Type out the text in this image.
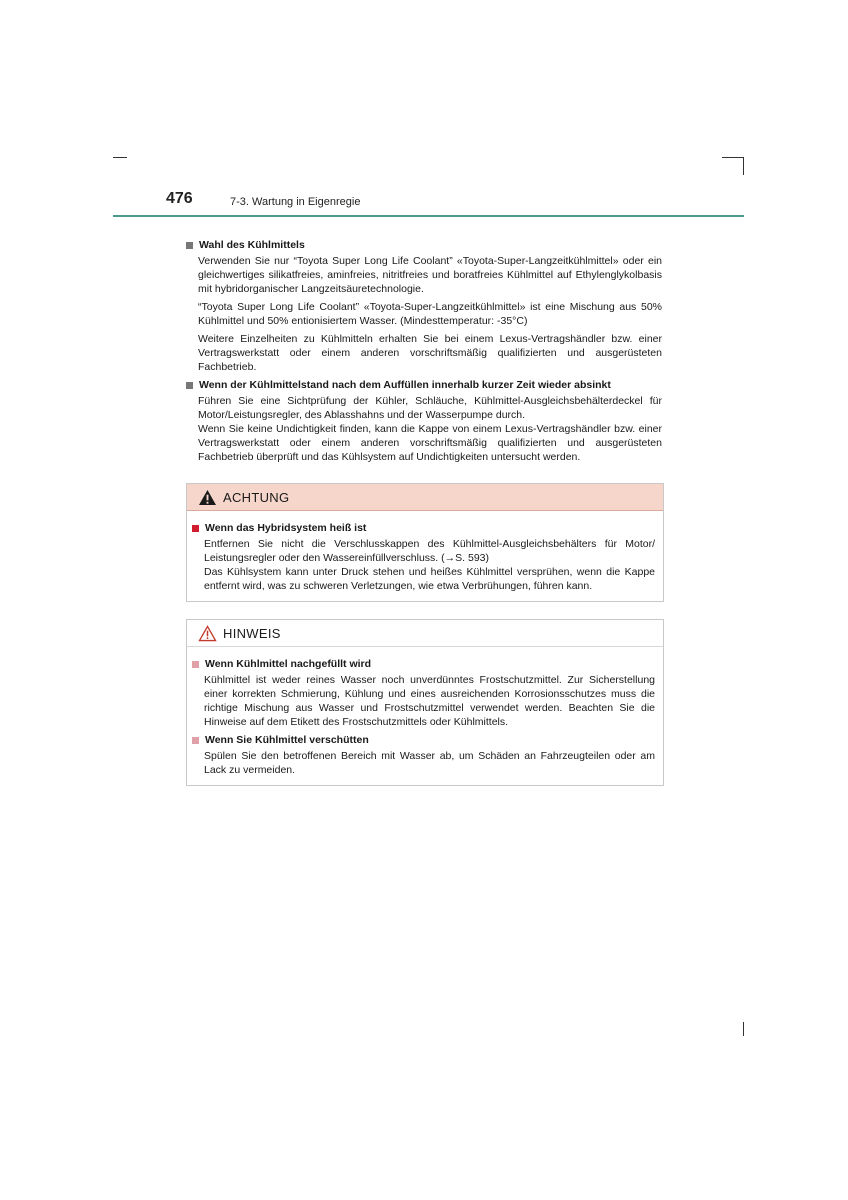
476	7-3. Wartung in Eigenregie
Wahl des Kühlmittels

Verwenden Sie nur “Toyota Super Long Life Coolant” «Toyota-Super-Langzeitkühlmittel» oder ein gleichwertiges silikatfreies, aminfreies, nitritfreies und boratfreies Kühlmittel auf Ethylenglykolbasis mit hybridorganischer Langzeitsäuretechnologie.

“Toyota Super Long Life Coolant” «Toyota-Super-Langzeitkühlmittel» ist eine Mischung aus 50% Kühlmittel und 50% entionisiertem Wasser. (Mindesttemperatur: -35°C)

Weitere Einzelheiten zu Kühlmitteln erhalten Sie bei einem Lexus-Vertragshändler bzw. einer Vertragswerkstatt oder einem anderen vorschriftsmäßig qualifizierten und ausgerüsteten Fachbetrieb.

Wenn der Kühlmittelstand nach dem Auffüllen innerhalb kurzer Zeit wieder absinkt

Führen Sie eine Sichtprüfung der Kühler, Schläuche, Kühlmittel-Ausgleichsbehälterdeckel für Motor/Leistungsregler, des Ablasshahns und der Wasserpumpe durch.

Wenn Sie keine Undichtigkeit finden, kann die Kappe von einem Lexus-Vertragshändler bzw. einer Vertragswerkstatt oder einem anderen vorschriftsmäßig qualifizierten und ausgerüsteten Fachbetrieb überprüft und das Kühlsystem auf Undichtigkeiten untersucht werden.

ACHTUNG
Wenn das Hybridsystem heiß ist

Entfernen Sie nicht die Verschlusskappen des Kühlmittel-Ausgleichsbehälters für Motor/ Leistungsregler oder den Wassereinfüllverschluss. (→S. 593)

Das Kühlsystem kann unter Druck stehen und heißes Kühlmittel versprühen, wenn die Kappe entfernt wird, was zu schweren Verletzungen, wie etwa Verbrühungen, führen kann.

HINWEIS
Wenn Kühlmittel nachgefüllt wird

Kühlmittel ist weder reines Wasser noch unverdünntes Frostschutzmittel. Zur Sicherstellung einer korrekten Schmierung, Kühlung und eines ausreichenden Korrosionsschutzes muss die richtige Mischung aus Wasser und Frostschutzmittel verwendet werden. Beachten Sie die Hinweise auf dem Etikett des Frostschutzmittels oder Kühlmittels.

Wenn Sie Kühlmittel verschütten

Spülen Sie den betroffenen Bereich mit Wasser ab, um Schäden an Fahrzeugteilen oder am Lack zu vermeiden.
